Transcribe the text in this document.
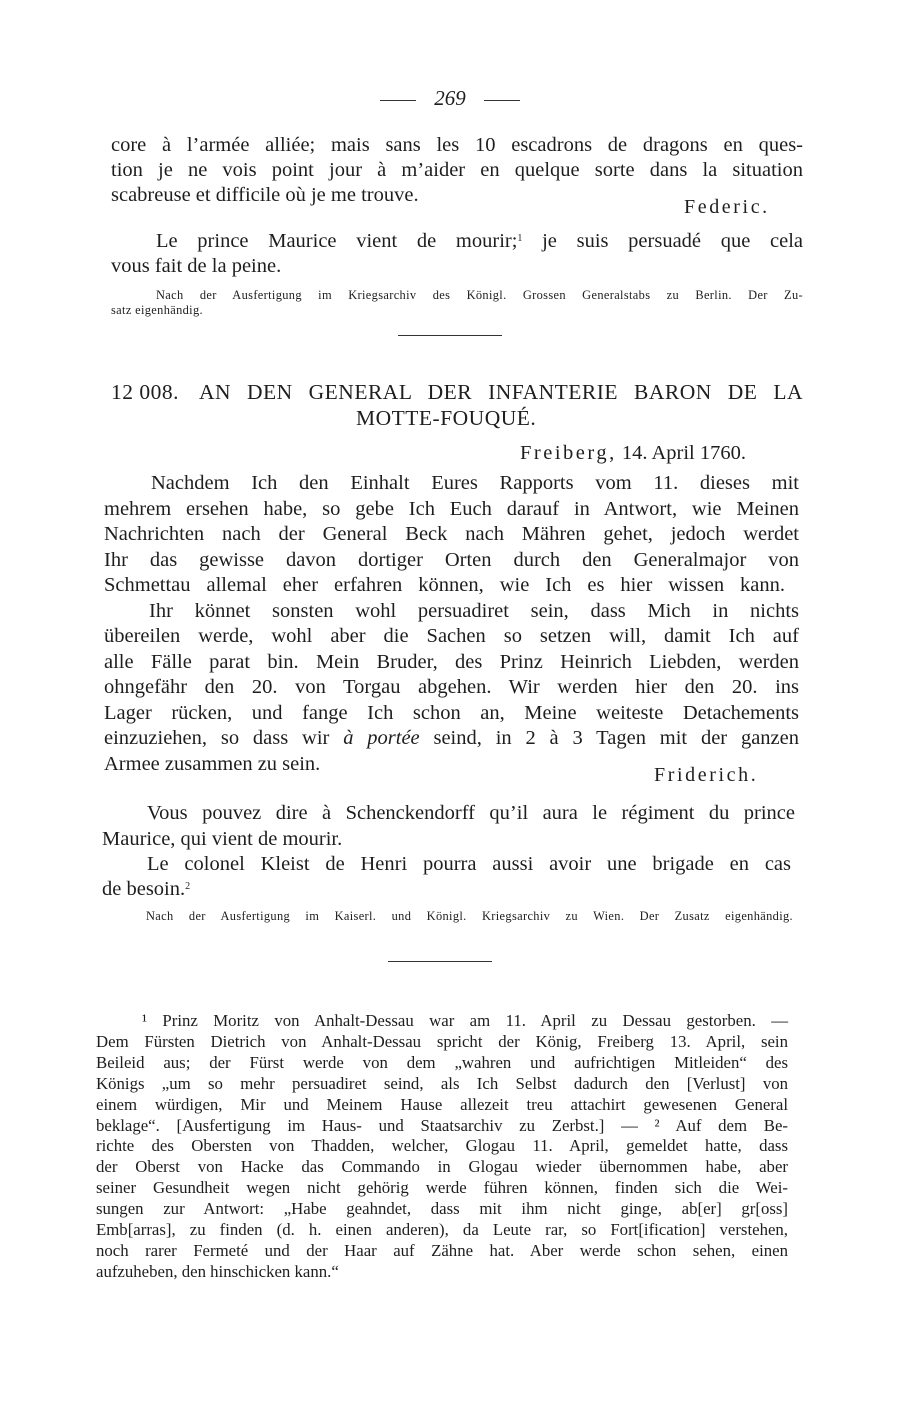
269
core à l’armée alliée; mais sans les 10 escadrons de dragons en ques-
tion je ne vois point jour à m’aider en quelque sorte dans la situation
scabreuse et difficile où je me trouve.
Federic.
Le prince Maurice vient de mourir;$^1$ je suis persuadé que cela
vous fait de la peine.
Nach der Ausfertigung im Kriegsarchiv des Königl. Grossen Generalstabs zu Berlin. Der Zu-
satz eigenhändig.
12 008. AN DEN GENERAL DER INFANTERIE BARON DE LA
MOTTE-FOUQUÉ.
Freiberg, 14. April 1760.
Nachdem Ich den Einhalt Eures Rapports vom 11. dieses mit
mehrem ersehen habe, so gebe Ich Euch darauf in Antwort, wie Meinen
Nachrichten nach der General Beck nach Mähren gehet, jedoch werdet
Ihr das gewisse davon dortiger Orten durch den Generalmajor von
Schmettau allemal eher erfahren können, wie Ich es hier wissen kann.
Ihr könnet sonsten wohl persuadiret sein, dass Mich in nichts
übereilen werde, wohl aber die Sachen so setzen will, damit Ich auf
alle Fälle parat bin. Mein Bruder, des Prinz Heinrich Liebden, werden
ohngefähr den 20. von Torgau abgehen. Wir werden hier den 20. ins
Lager rücken, und fange Ich schon an, Meine weiteste Detachements
einzuziehen, so dass wir à portée seind, in 2 à 3 Tagen mit der ganzen
Armee zusammen zu sein.	Friderich.
Vous pouvez dire à Schenckendorff qu’il aura le régiment du prince
Maurice, qui vient de mourir.
Le colonel Kleist de Henri pourra aussi avoir une brigade en cas
de besoin.$^2$
Nach der Ausfertigung im Kaiserl. und Königl. Kriegsarchiv zu Wien. Der Zusatz eigenhändig.
¹ Prinz Moritz von Anhalt-Dessau war am 11. April zu Dessau gestorben. —
Dem Fürsten Dietrich von Anhalt-Dessau spricht der König, Freiberg 13. April, sein
Beileid aus; der Fürst werde von dem „wahren und aufrichtigen Mitleiden“ des
Königs „um so mehr persuadiret seind, als Ich Selbst dadurch den [Verlust] von
einem würdigen, Mir und Meinem Hause allezeit treu attachirt gewesenen General
beklage“. [Ausfertigung im Haus- und Staatsarchiv zu Zerbst.] — ² Auf dem Be-
richte des Obersten von Thadden, welcher, Glogau 11. April, gemeldet hatte, dass
der Oberst von Hacke das Commando in Glogau wieder übernommen habe, aber
seiner Gesundheit wegen nicht gehörig werde führen können, finden sich die Wei-
sungen zur Antwort: „Habe geahndet, dass mit ihm nicht ginge, ab[er] gr[oss]
Emb[arras], zu finden (d. h. einen anderen), da Leute rar, so Fort[ification] verstehen,
noch rarer Fermeté und der Haar auf Zähne hat. Aber werde schon sehen, einen
aufzuheben, den hinschicken kann.“
